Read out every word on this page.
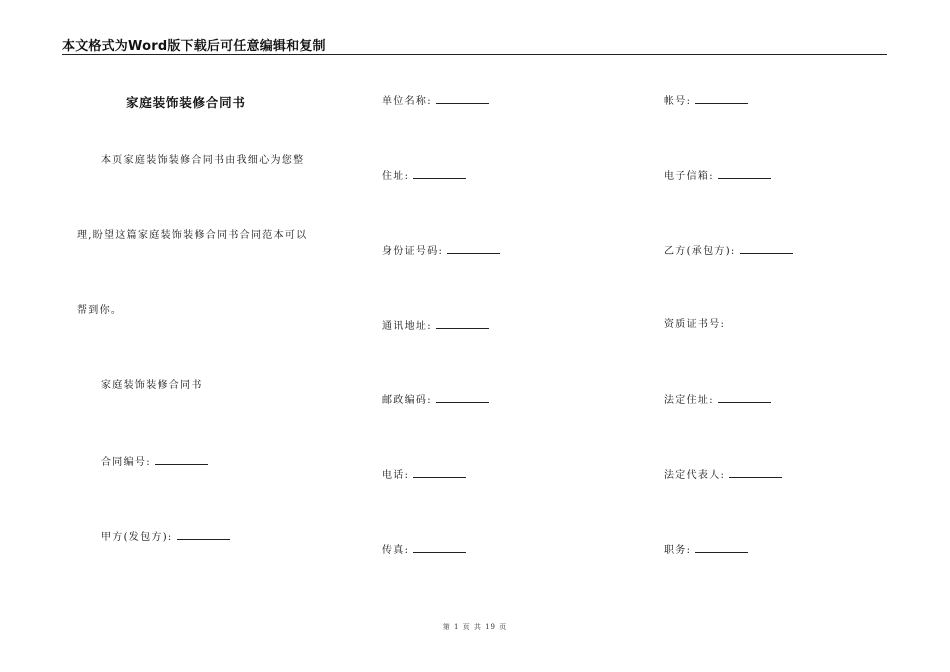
本文格式为Word版下载后可任意编辑和复制
家庭装饰装修合同书
本页家庭装饰装修合同书由我细心为您整
理,盼望这篇家庭装饰装修合同书合同范本可以
帮到你。
家庭装饰装修合同书
合同编号:
甲方(发包方):
单位名称:
住址:
身份证号码:
通讯地址:
邮政编码:
电话:
传真:
帐号:
电子信箱:
乙方(承包方):
资质证书号:
法定住址:
法定代表人:
职务:
第 1 页 共 19 页
